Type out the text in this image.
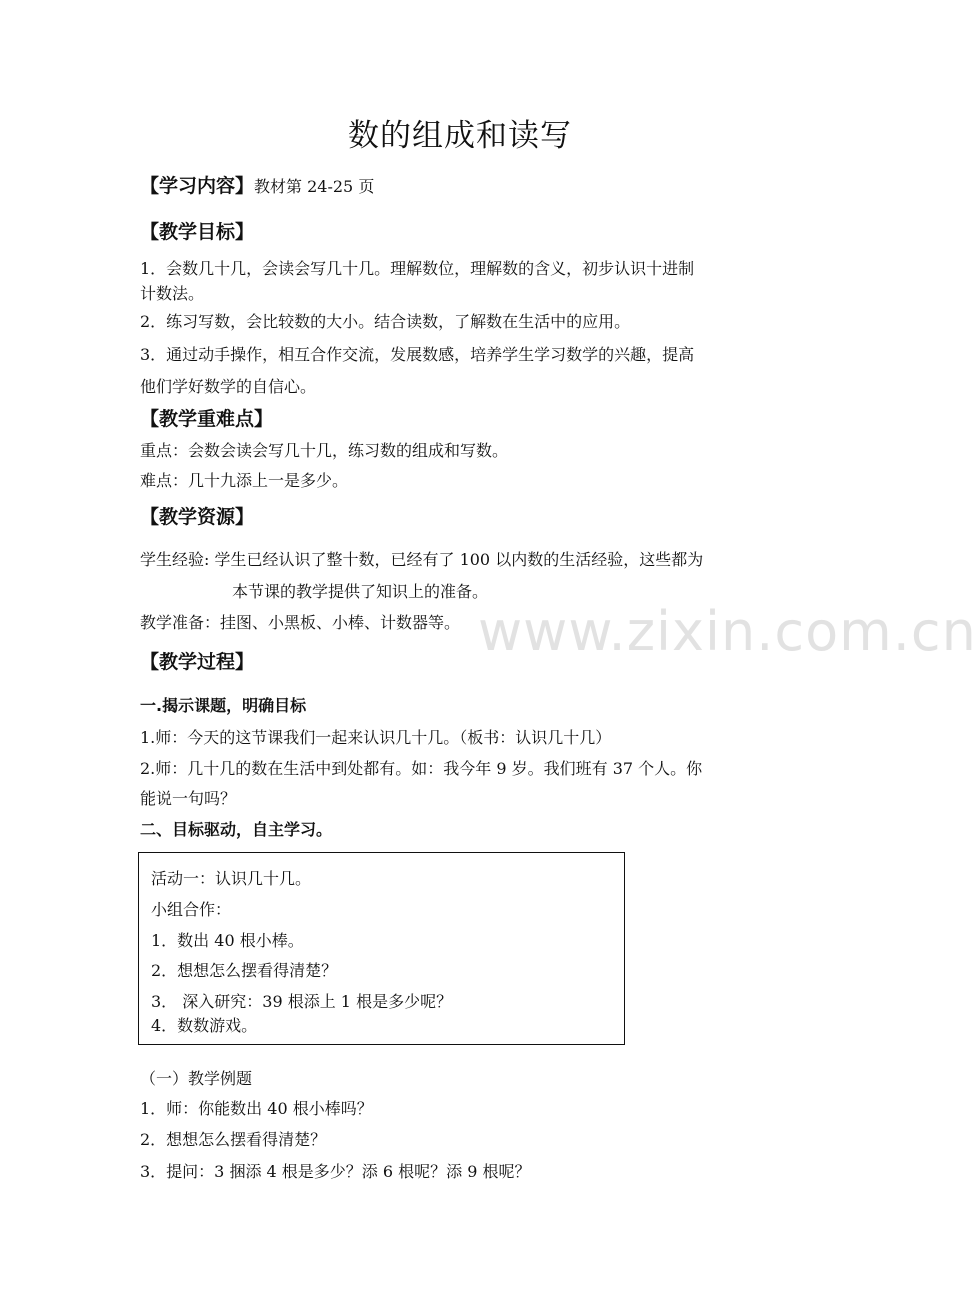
www.zixin.com.cn
数的组成和读写
【学习内容】教材第 24-25 页
【教学目标】
1．会数几十几，会读会写几十几。理解数位，理解数的含义，初步认识十进制
计数法。
2．练习写数，会比较数的大小。结合读数，了解数在生活中的应用。
3．通过动手操作，相互合作交流，发展数感，培养学生学习数学的兴趣，提高
他们学好数学的自信心。
【教学重难点】
重点：会数会读会写几十几，练习数的组成和写数。
难点：几十九添上一是多少。
【教学资源】
学生经验: 学生已经认识了整十数，已经有了 100 以内数的生活经验，这些都为
本节课的教学提供了知识上的准备。
教学准备：挂图、小黑板、小棒、计数器等。
【教学过程】
一.揭示课题，明确目标
1.师：今天的这节课我们一起来认识几十几。（板书：认识几十几）
2.师：几十几的数在生活中到处都有。如：我今年 9 岁。我们班有 37 个人。你
能说一句吗？
二、目标驱动，自主学习。
活动一：认识几十几。
小组合作：
1．数出 40 根小棒。
2．想想怎么摆看得清楚？
3． 深入研究：39 根添上 1 根是多少呢？
4．数数游戏。
（一）教学例题
1．师：你能数出 40 根小棒吗？
2．想想怎么摆看得清楚？
3．提问：3 捆添 4 根是多少？添 6 根呢？添 9 根呢？
